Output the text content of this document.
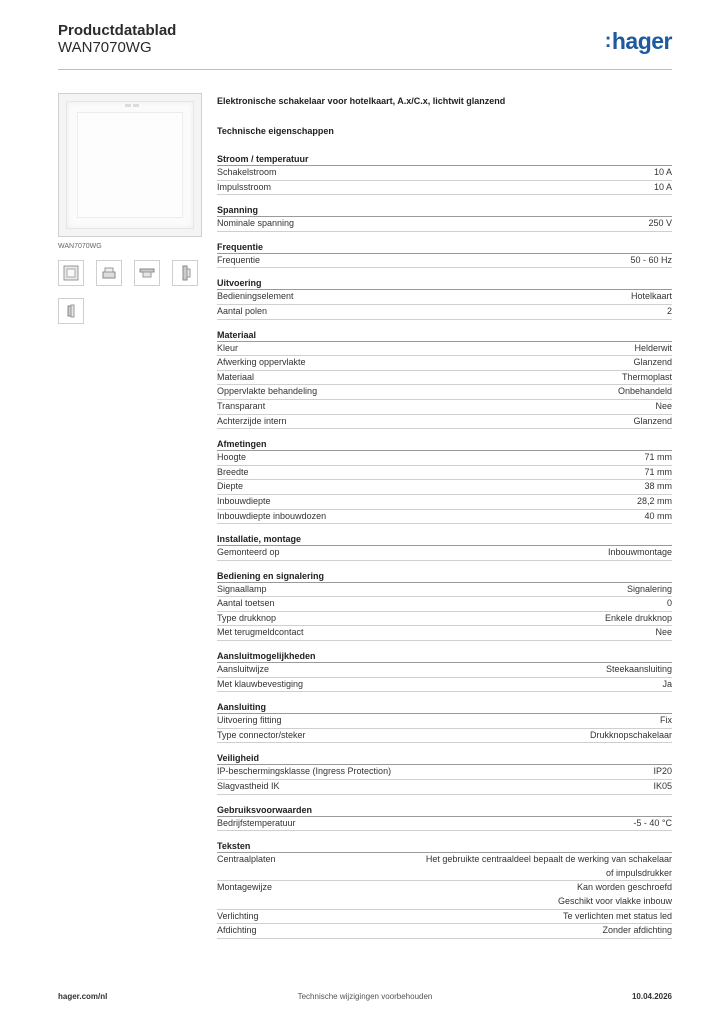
Productdatablad
WAN7070WG	:hager
WAN7070WG
Elektronische schakelaar voor hotelkaart, A.x/C.x, lichtwit glanzend
Technische eigenschappen
Stroom / temperatuur
Schakelstroom	10 A
Impulsstroom	10 A
Spanning
Nominale spanning	250 V
Frequentie
Frequentie	50 - 60 Hz
Uitvoering
Bedieningselement	Hotelkaart
Aantal polen	2
Materiaal
Kleur	Helderwit
Afwerking oppervlakte	Glanzend
Materiaal	Thermoplast
Oppervlakte behandeling	Onbehandeld
Transparant	Nee
Achterzijde intern	Glanzend
Afmetingen
Hoogte	71 mm
Breedte	71 mm
Diepte	38 mm
Inbouwdiepte	28,2 mm
Inbouwdiepte inbouwdozen	40 mm
Installatie, montage
Gemonteerd op	Inbouwmontage
Bediening en signalering
Signaallamp	Signalering
Aantal toetsen	0
Type drukknop	Enkele drukknop
Met terugmeldcontact	Nee
Aansluitmogelijkheden
Aansluitwijze	Steekaansluiting
Met klauwbevestiging	Ja
Aansluiting
Uitvoering fitting	Fix
Type connector/steker	Drukknopschakelaar
Veiligheid
IP-beschermingsklasse (Ingress Protection)	IP20
Slagvastheid IK	IK05
Gebruiksvoorwaarden
Bedrijfstemperatuur	-5 - 40 °C
Teksten
Centraalplaten	Het gebruikte centraaldeel bepaalt de werking van schakelaar
of impulsdrukker
Montagewijze	Kan worden geschroefd
Geschikt voor vlakke inbouw
Verlichting	Te verlichten met status led
Afdichting	Zonder afdichting
hager.com/nl	Technische wijzigingen voorbehouden	10.04.2026
